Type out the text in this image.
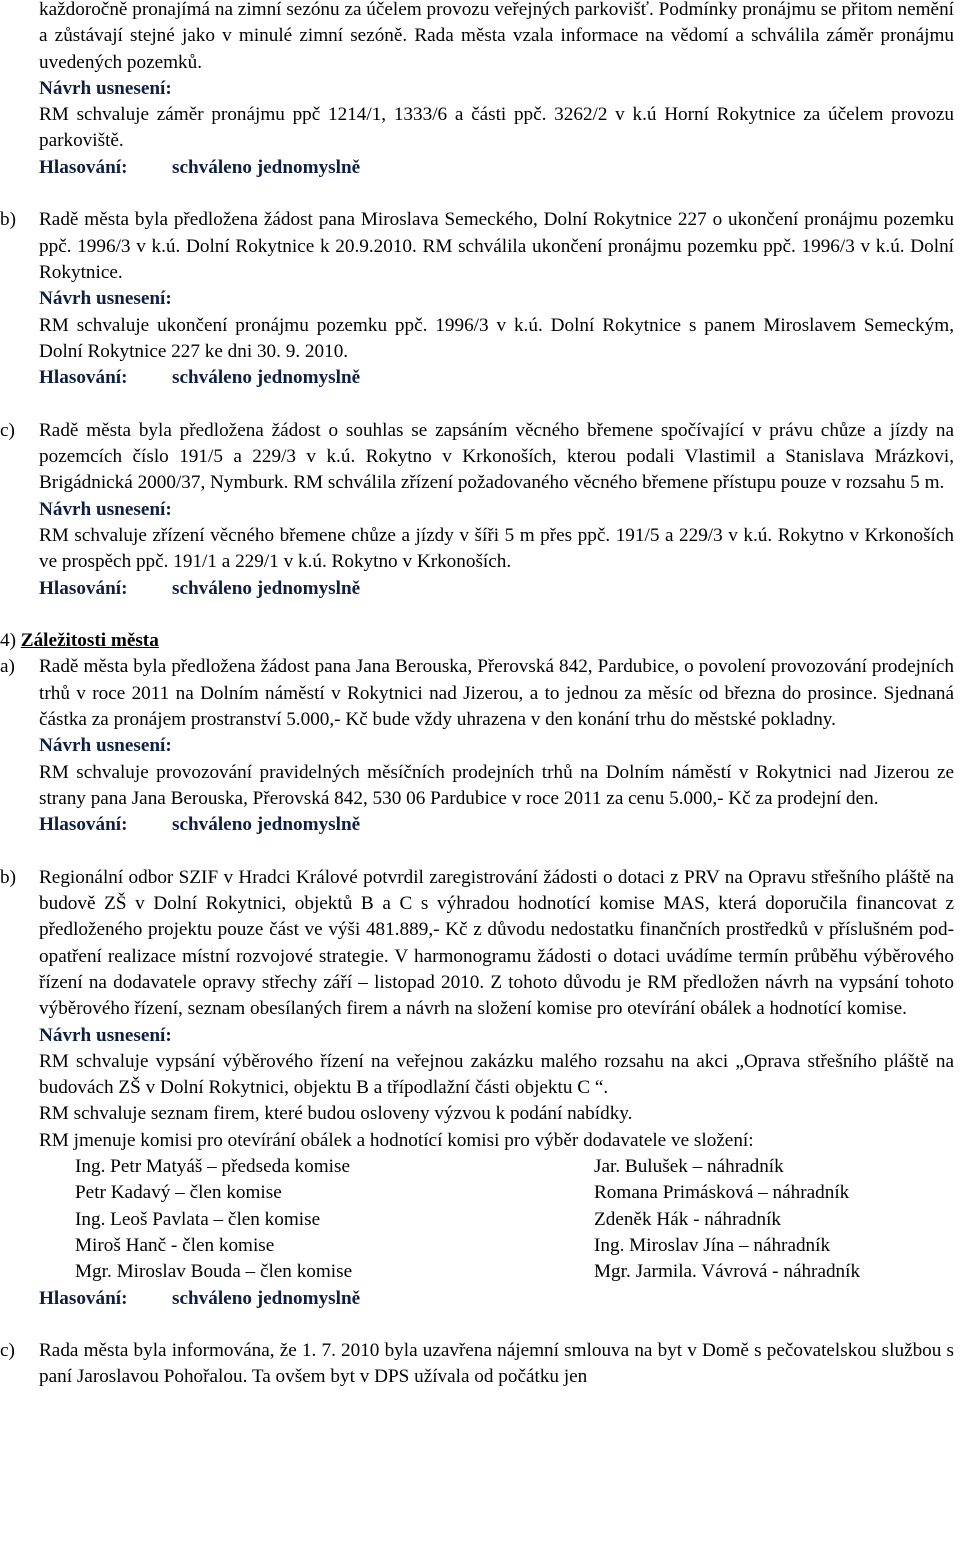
každoročně pronajímá na zimní sezónu za účelem provozu veřejných parkovišť. Podmínky pronájmu se přitom nemění a zůstávají stejné jako v minulé zimní sezóně. Rada města vzala informace na vědomí a schválila záměr pronájmu uvedených pozemků.

Návrh usnesení:

RM schvaluje záměr pronájmu ppč 1214/1, 1333/6 a části ppč. 3262/2 v k.ú Horní Rokytnice za účelem provozu parkoviště.

Hlasování: schváleno jednomyslně

b) Radě města byla předložena žádost pana Miroslava Semeckého, Dolní Rokytnice 227 o ukončení pronájmu pozemku ppč. 1996/3 v k.ú. Dolní Rokytnice k 20.9.2010. RM schválila ukončení pronájmu pozemku ppč. 1996/3 v k.ú. Dolní Rokytnice.

Návrh usnesení:

RM schvaluje ukončení pronájmu pozemku ppč. 1996/3 v k.ú. Dolní Rokytnice s panem Miroslavem Semeckým, Dolní Rokytnice 227 ke dni 30. 9. 2010.

Hlasování: schváleno jednomyslně

c) Radě města byla předložena žádost o souhlas se zapsáním věcného břemene spočívající v právu chůze a jízdy na pozemcích číslo 191/5 a 229/3 v k.ú. Rokytno v Krkonoších, kterou podali Vlastimil a Stanislava Mrázkovi, Brigádnická 2000/37, Nymburk. RM schválila zřízení požadovaného věcného břemene přístupu pouze v rozsahu 5 m.

Návrh usnesení:

RM schvaluje zřízení věcného břemene chůze a jízdy v šíři 5 m přes ppč. 191/5 a 229/3 v k.ú. Rokytno v Krkonoších ve prospěch ppč. 191/1 a 229/1 v k.ú. Rokytno v Krkonoších.

Hlasování: schváleno jednomyslně

4) Záležitosti města
a) Radě města byla předložena žádost pana Jana Berouska, Přerovská 842, Pardubice, o povolení provozování prodejních trhů v roce 2011 na Dolním náměstí v Rokytnici nad Jizerou, a to jednou za měsíc od března do prosince. Sjednaná částka za pronájem prostranství 5.000,- Kč bude vždy uhrazena v den konání trhu do městské pokladny.

Návrh usnesení:

RM schvaluje provozování pravidelných měsíčních prodejních trhů na Dolním náměstí v Rokytnici nad Jizerou ze strany pana Jana Berouska, Přerovská 842, 530 06 Pardubice v roce 2011 za cenu 5.000,- Kč za prodejní den.

Hlasování: schváleno jednomyslně

b) Regionální odbor SZIF v Hradci Králové potvrdil zaregistrování žádosti o dotaci z PRV na Opravu střešního pláště na budově ZŠ v Dolní Rokytnici, objektů B a C s výhradou hodnotící komise MAS, která doporučila financovat z předloženého projektu pouze část ve výši 481.889,- Kč z důvodu nedostatku finančních prostředků v příslušném pod-opatření realizace místní rozvojové strategie. V harmonogramu žádosti o dotaci uvádíme termín průběhu výběrového řízení na dodavatele opravy střechy září – listopad 2010. Z tohoto důvodu je RM předložen návrh na vypsání tohoto výběrového řízení, seznam obesílaných firem a návrh na složení komise pro otevírání obálek a hodnotící komise.

Návrh usnesení:

RM schvaluje vypsání výběrového řízení na veřejnou zakázku malého rozsahu na akci „Oprava střešního pláště na budovách ZŠ v Dolní Rokytnici, objektu B a třípodlažní části objektu C “.

RM schvaluje seznam firem, které budou osloveny výzvou k podání nabídky.

RM jmenuje komisi pro otevírání obálek a hodnotící komisi pro výběr dodavatele ve složení:

Ing. Petr Matyáš – předseda komise	Jar. Bulušek – náhradník
Petr Kadavý – člen komise	Romana Primásková – náhradník
Ing. Leoš Pavlata – člen komise	Zdeněk Hák - náhradník
Miroš Hanč - člen komise	Ing. Miroslav Jína – náhradník
Mgr. Miroslav Bouda – člen komise	Mgr. Jarmila. Vávrová - náhradník

Hlasování: schváleno jednomyslně

c) Rada města byla informována, že 1. 7. 2010 byla uzavřena nájemní smlouva na byt v Domě s pečovatelskou službou s paní Jaroslavou Pohořalou. Ta ovšem byt v DPS užívala od počátku jen
